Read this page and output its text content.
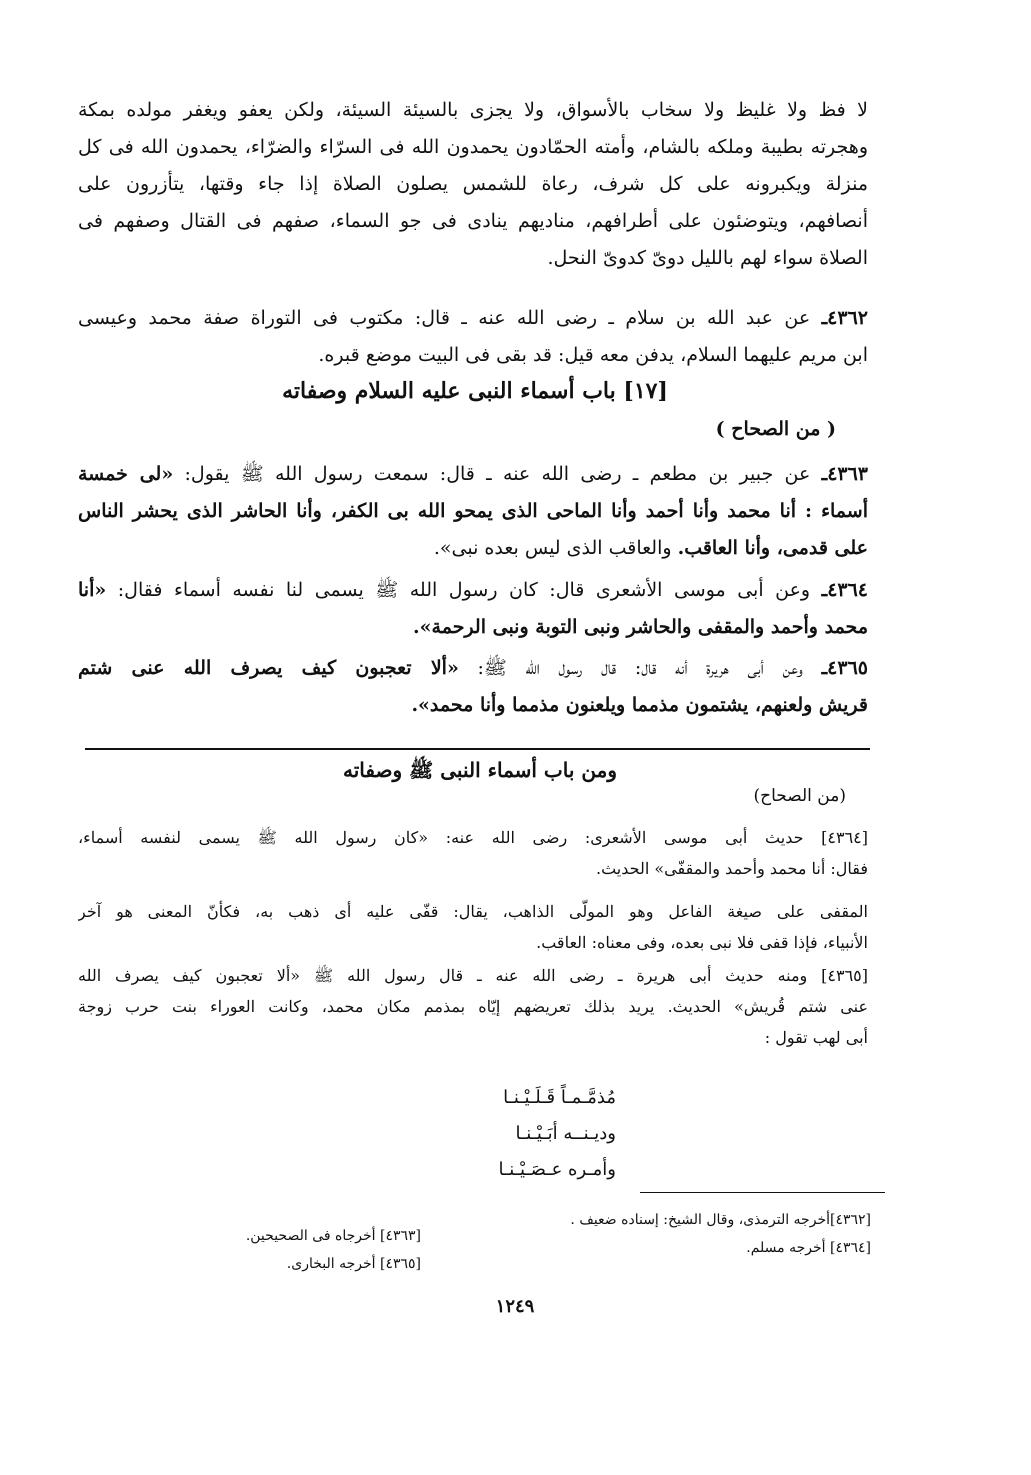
لا فظ ولا غليظ ولا سخاب بالأسواق، ولا يجزى بالسيئة السيئة، ولكن يعفو ويغفر مولده بمكة
وهجرته بطيبة وملكه بالشام، وأمته الحمّادون يحمدون الله فى السرّاء والضرّاء، يحمدون الله فى كل
منزلة ويكبرونه على كل شرف، رعاة للشمس يصلون الصلاة إذا جاء وقتها، يتأزرون على
أنصافهم، ويتوضئون على أطرافهم، مناديهم ينادى فى جو السماء، صفهم فى القتال وصفهم فى
الصلاة سواء لهم بالليل دوىّ كدوىّ النحل.
٤٣٦٢ـ عن عبد الله بن سلام ـ رضى الله عنه ـ قال: مكتوب فى التوراة صفة محمد وعيسى
ابن مريم عليهما السلام، يدفن معه قيل: قد بقى فى البيت موضع قبره.
[١٧] باب أسماء النبى عليه السلام وصفاته
( من الصحاح )
٤٣٦٣ـ عن جبير بن مطعم ـ رضى الله عنه ـ قال: سمعت رسول الله ﷺ يقول: «لى خمسة
أسماء : أنا محمد وأنا أحمد وأنا الماحى الذى يمحو الله بى الكفر، وأنا الحاشر الذى يحشر الناس
على قدمى، وأنا العاقب. والعاقب الذى ليس بعده نبى».
٤٣٦٤ـ وعن أبى موسى الأشعرى قال: كان رسول الله ﷺ يسمى لنا نفسه أسماء فقال: «أنا
محمد وأحمد والمقفى والحاشر ونبى التوبة ونبى الرحمة».
٤٣٦٥ـ وعن أبى هريرة أنه قال: قال رسول الله ﷺ: «ألا تعجبون كيف يصرف الله عنى شتم
قريش ولعنهم، يشتمون مذمما ويلعنون مذمما وأنا محمد».
ومن باب أسماء النبى ﷺ وصفاته
(من الصحاح)
[٤٣٦٤] حديث أبى موسى الأشعرى: رضى الله عنه: «كان رسول الله ﷺ يسمى لنفسه أسماء،
فقال: أنا محمد وأحمد والمقفّى» الحديث.
المقفى على صيغة الفاعل وهو المولّى الذاهب، يقال: قفّى عليه أى ذهب به، فكأنّ المعنى هو آخر
الأنبياء، فإذا قفى فلا نبى بعده، وفى معناه: العاقب.
[٤٣٦٥] ومنه حديث أبى هريرة ـ رضى الله عنه ـ قال رسول الله ﷺ «ألا تعجبون كيف يصرف الله
عنى شتم قُريش» الحديث. يريد بذلك تعريضهم إيّاه بمذمم مكان محمد، وكانت العوراء بنت حرب زوجة
أبى لهب تقول :
مُذمَّـمـاً قَـلَـيْـنـا
وديـنــه أبَـيْـنـا
وأمـره عـصَـيْـنـا
[٤٣٦٢]أخرجه الترمذى، وقال الشيخ: إسناده ضعيف .
[٤٣٦٤] أخرجه مسلم.
[٤٣٦٣] أخرجاه فى الصحيحين.
[٤٣٦٥] أخرجه البخارى.
١٢٤٩
